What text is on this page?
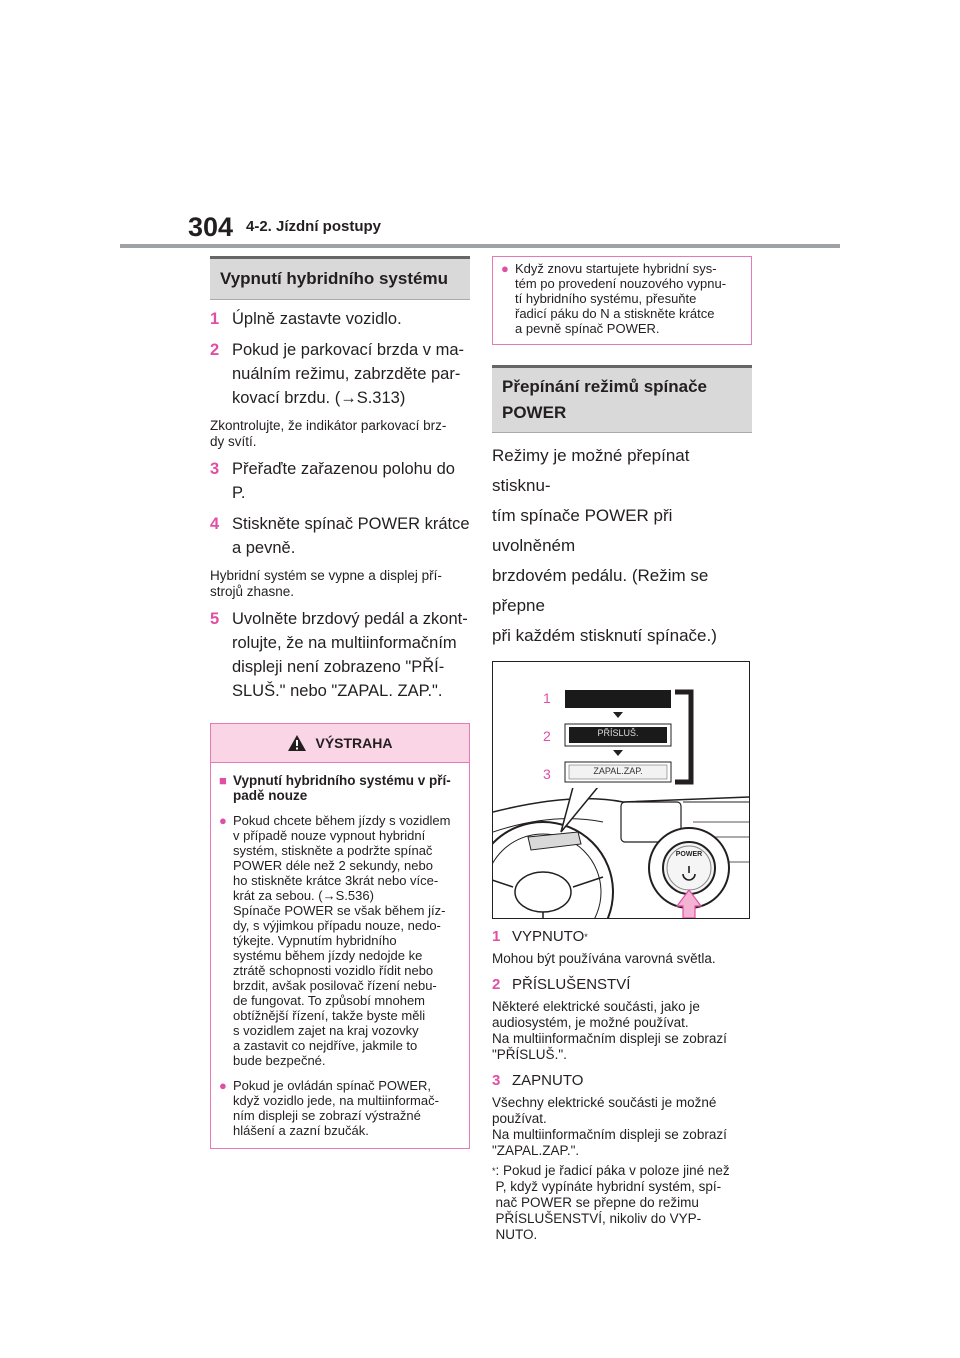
304 4-2. Jízdní postupy
Vypnutí hybridního systému
1 Úplně zastavte vozidlo.
2 Pokud je parkovací brzda v ma-
nuálním režimu, zabrzděte par-
kovací brzdu. (→S.313)
Zkontrolujte, že indikátor parkovací brz-
dy svítí.
3 Přeřaďte zařazenou polohu do P.
4 Stiskněte spínač POWER krátce
a pevně.
Hybridní systém se vypne a displej pří-
strojů zhasne.
5 Uvolněte brzdový pedál a zkont-
rolujte, že na multiinformačním
displeji není zobrazeno "PŘÍ-
SLUŠ." nebo "ZAPAL. ZAP.".
VÝSTRAHA
■ Vypnutí hybridního systému v pří-
padě nouze
● Pokud chcete během jízdy s vozidlem
v případě nouze vypnout hybridní
systém, stiskněte a podržte spínač
POWER déle než 2 sekundy, nebo
ho stiskněte krátce 3krát nebo více-
krát za sebou. (→S.536)
Spínače POWER se však během jíz-
dy, s výjimkou případu nouze, nedo-
týkejte. Vypnutím hybridního
systému během jízdy nedojde ke
ztrátě schopnosti vozidlo řídit nebo
brzdit, avšak posilovač řízení nebu-
de fungovat. To způsobí mnohem
obtížnější řízení, takže byste měli
s vozidlem zajet na kraj vozovky
a zastavit co nejdříve, jakmile to
bude bezpečné.
● Pokud je ovládán spínač POWER,
když vozidlo jede, na multiinformač-
ním displeji se zobrazí výstražné
hlášení a zazní bzučák.
● Když znovu startujete hybridní sys-
tém po provedení nouzového vypnu-
tí hybridního systému, přesuňte
řadicí páku do N a stiskněte krátce
a pevně spínač POWER.
Přepínání režimů spínače
POWER
Režimy je možné přepínat stisknu-
tím spínače POWER při uvolněném
brzdovém pedálu. (Režim se přepne
při každém stisknutí spínače.)
1
2
3
PŘÍSLUŠ.
ZAPAL.ZAP.
POWER
1 VYPNUTO *
Mohou být používána varovná světla.
2 PŘÍSLUŠENSTVÍ
Některé elektrické součásti, jako je
audiosystém, je možné používat.
Na multiinformačním displeji se zobrazí
"PŘÍSLUŠ.".
3 ZAPNUTO
Všechny elektrické součásti je možné
používat.
Na multiinformačním displeji se zobrazí
"ZAPAL.ZAP.".
* : Pokud je řadicí páka v poloze jiné než
P, když vypínáte hybridní systém, spí-
nač POWER se přepne do režimu
PŘÍSLUŠENSTVÍ, nikoliv do VYP-
NUTO.
